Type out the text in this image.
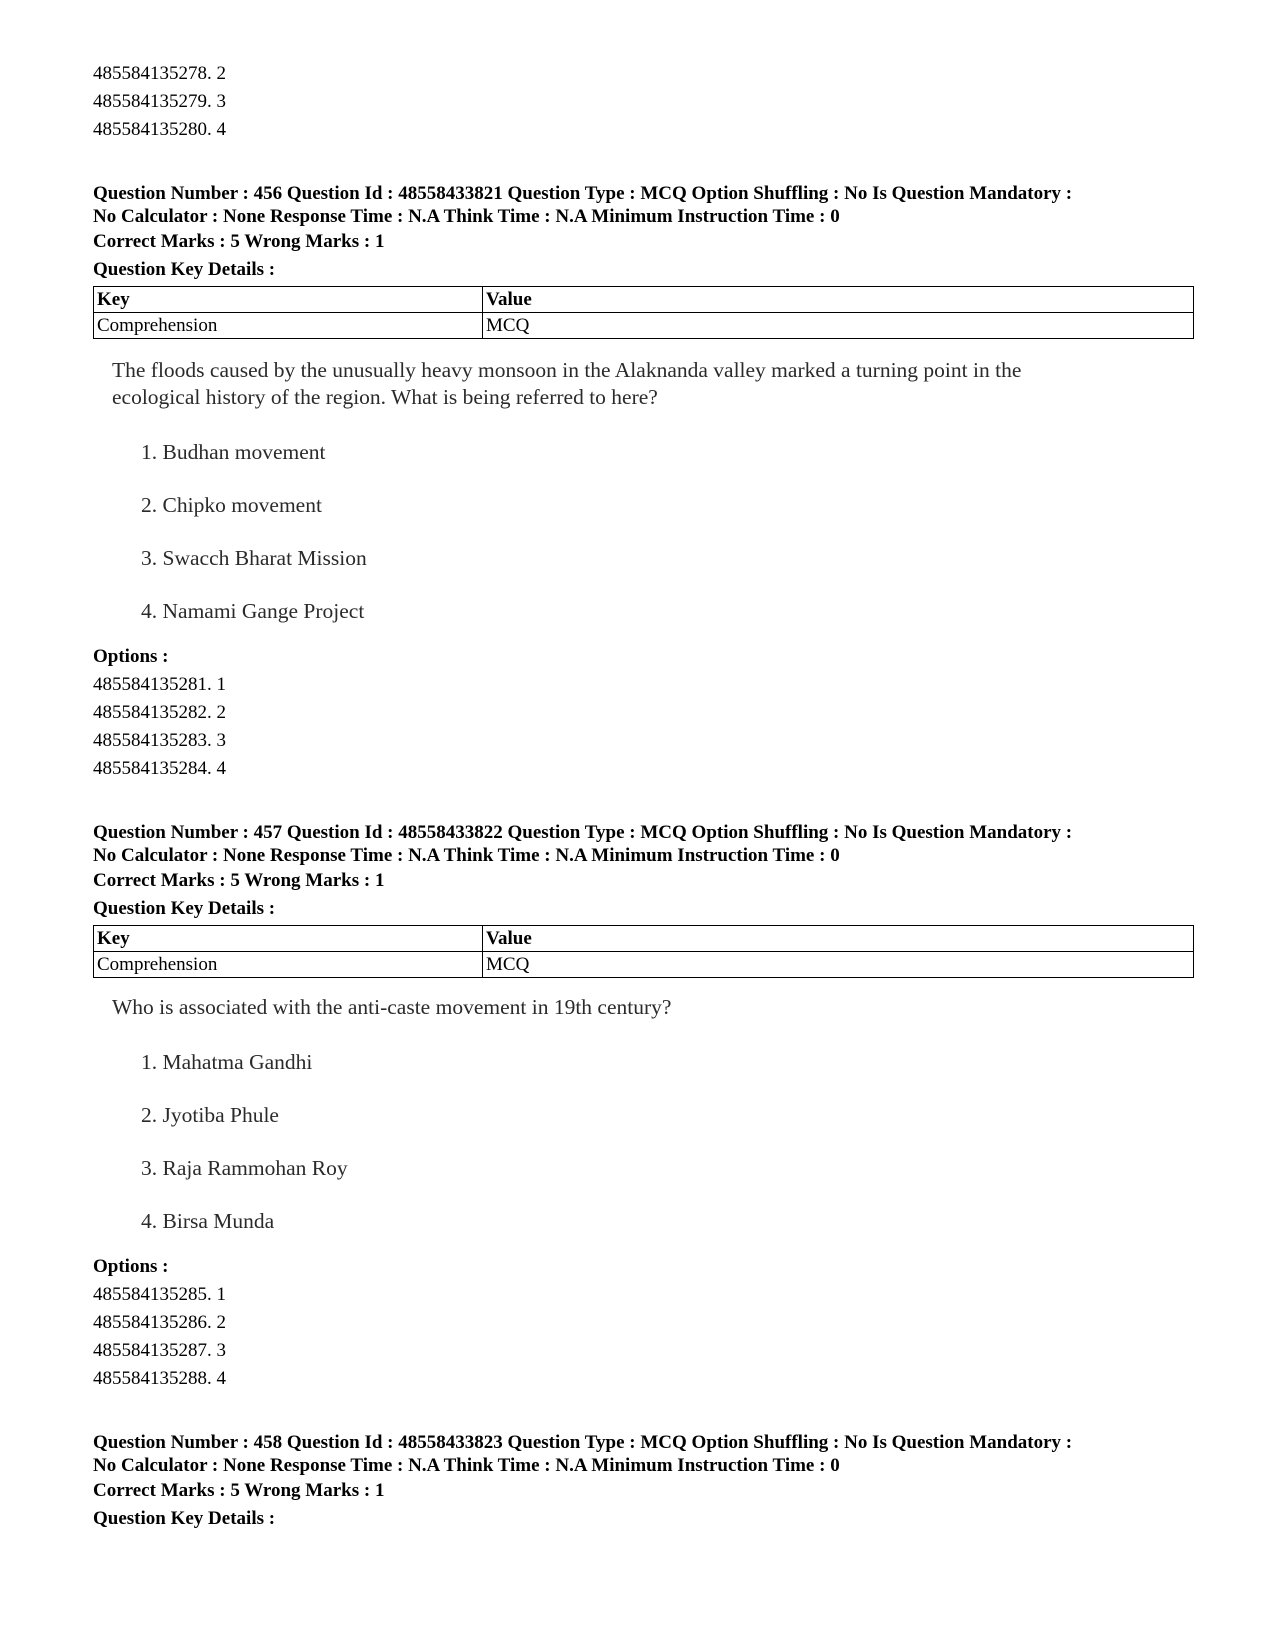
485584135278. 2
485584135279. 3
485584135280. 4
Question Number : 456 Question Id : 48558433821 Question Type : MCQ Option Shuffling : No Is Question Mandatory :
No Calculator : None Response Time : N.A Think Time : N.A Minimum Instruction Time : 0
Correct Marks : 5 Wrong Marks : 1
Question Key Details :
Key	Value
Comprehension	MCQ
The floods caused by the unusually heavy monsoon in the Alaknanda valley marked a turning point in the
ecological history of the region. What is being referred to here?
1. Budhan movement
2. Chipko movement
3. Swacch Bharat Mission
4. Namami Gange Project
Options :
485584135281. 1
485584135282. 2
485584135283. 3
485584135284. 4
Question Number : 457 Question Id : 48558433822 Question Type : MCQ Option Shuffling : No Is Question Mandatory :
No Calculator : None Response Time : N.A Think Time : N.A Minimum Instruction Time : 0
Correct Marks : 5 Wrong Marks : 1
Question Key Details :
Key	Value
Comprehension	MCQ
Who is associated with the anti-caste movement in 19th century?
1. Mahatma Gandhi
2. Jyotiba Phule
3. Raja Rammohan Roy
4. Birsa Munda
Options :
485584135285. 1
485584135286. 2
485584135287. 3
485584135288. 4
Question Number : 458 Question Id : 48558433823 Question Type : MCQ Option Shuffling : No Is Question Mandatory :
No Calculator : None Response Time : N.A Think Time : N.A Minimum Instruction Time : 0
Correct Marks : 5 Wrong Marks : 1
Question Key Details :
